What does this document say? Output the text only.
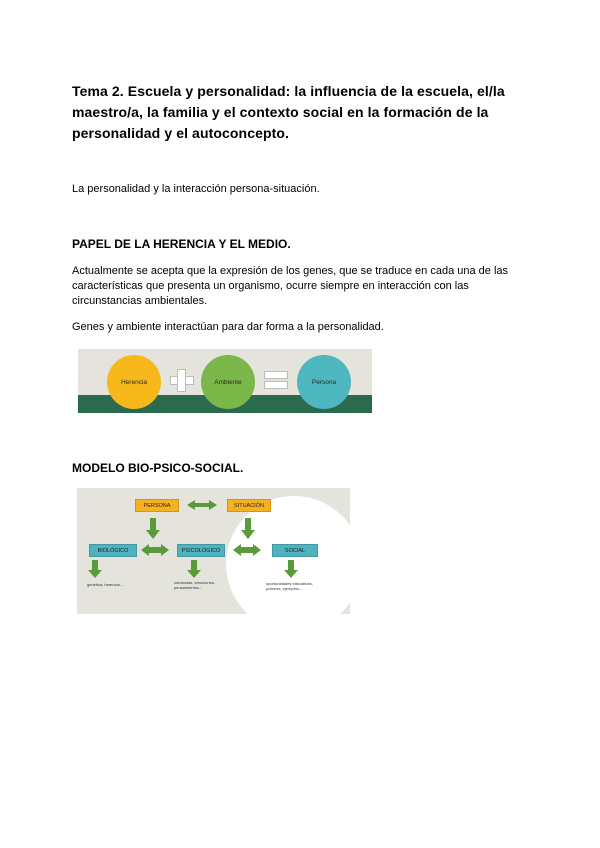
Tema 2. Escuela y personalidad: la influencia de la escuela, el/la
maestro/a, la familia y el contexto social en la formación de la
personalidad y el autoconcepto.
La personalidad y la interacción persona-situación.
PAPEL DE LA HERENCIA Y EL MEDIO.
Actualmente se acepta que la expresión de los genes, que se traduce en cada una de las
características que presenta un organismo, ocurre siempre en interacción con las
circunstancias ambientales.
Genes y ambiente interactúan para dar forma a la personalidad.
Herencia	Ambiente	Persona
MODELO BIO-PSICO-SOCIAL.
PERSONA	SITUACIÓN
BIOLÓGICO	PSICOLÓGICO	SOCIAL
genética, herencia...	conductas, emociones,
pensamientos...
oportunidades educativas,
pobreza, ejemplos...
